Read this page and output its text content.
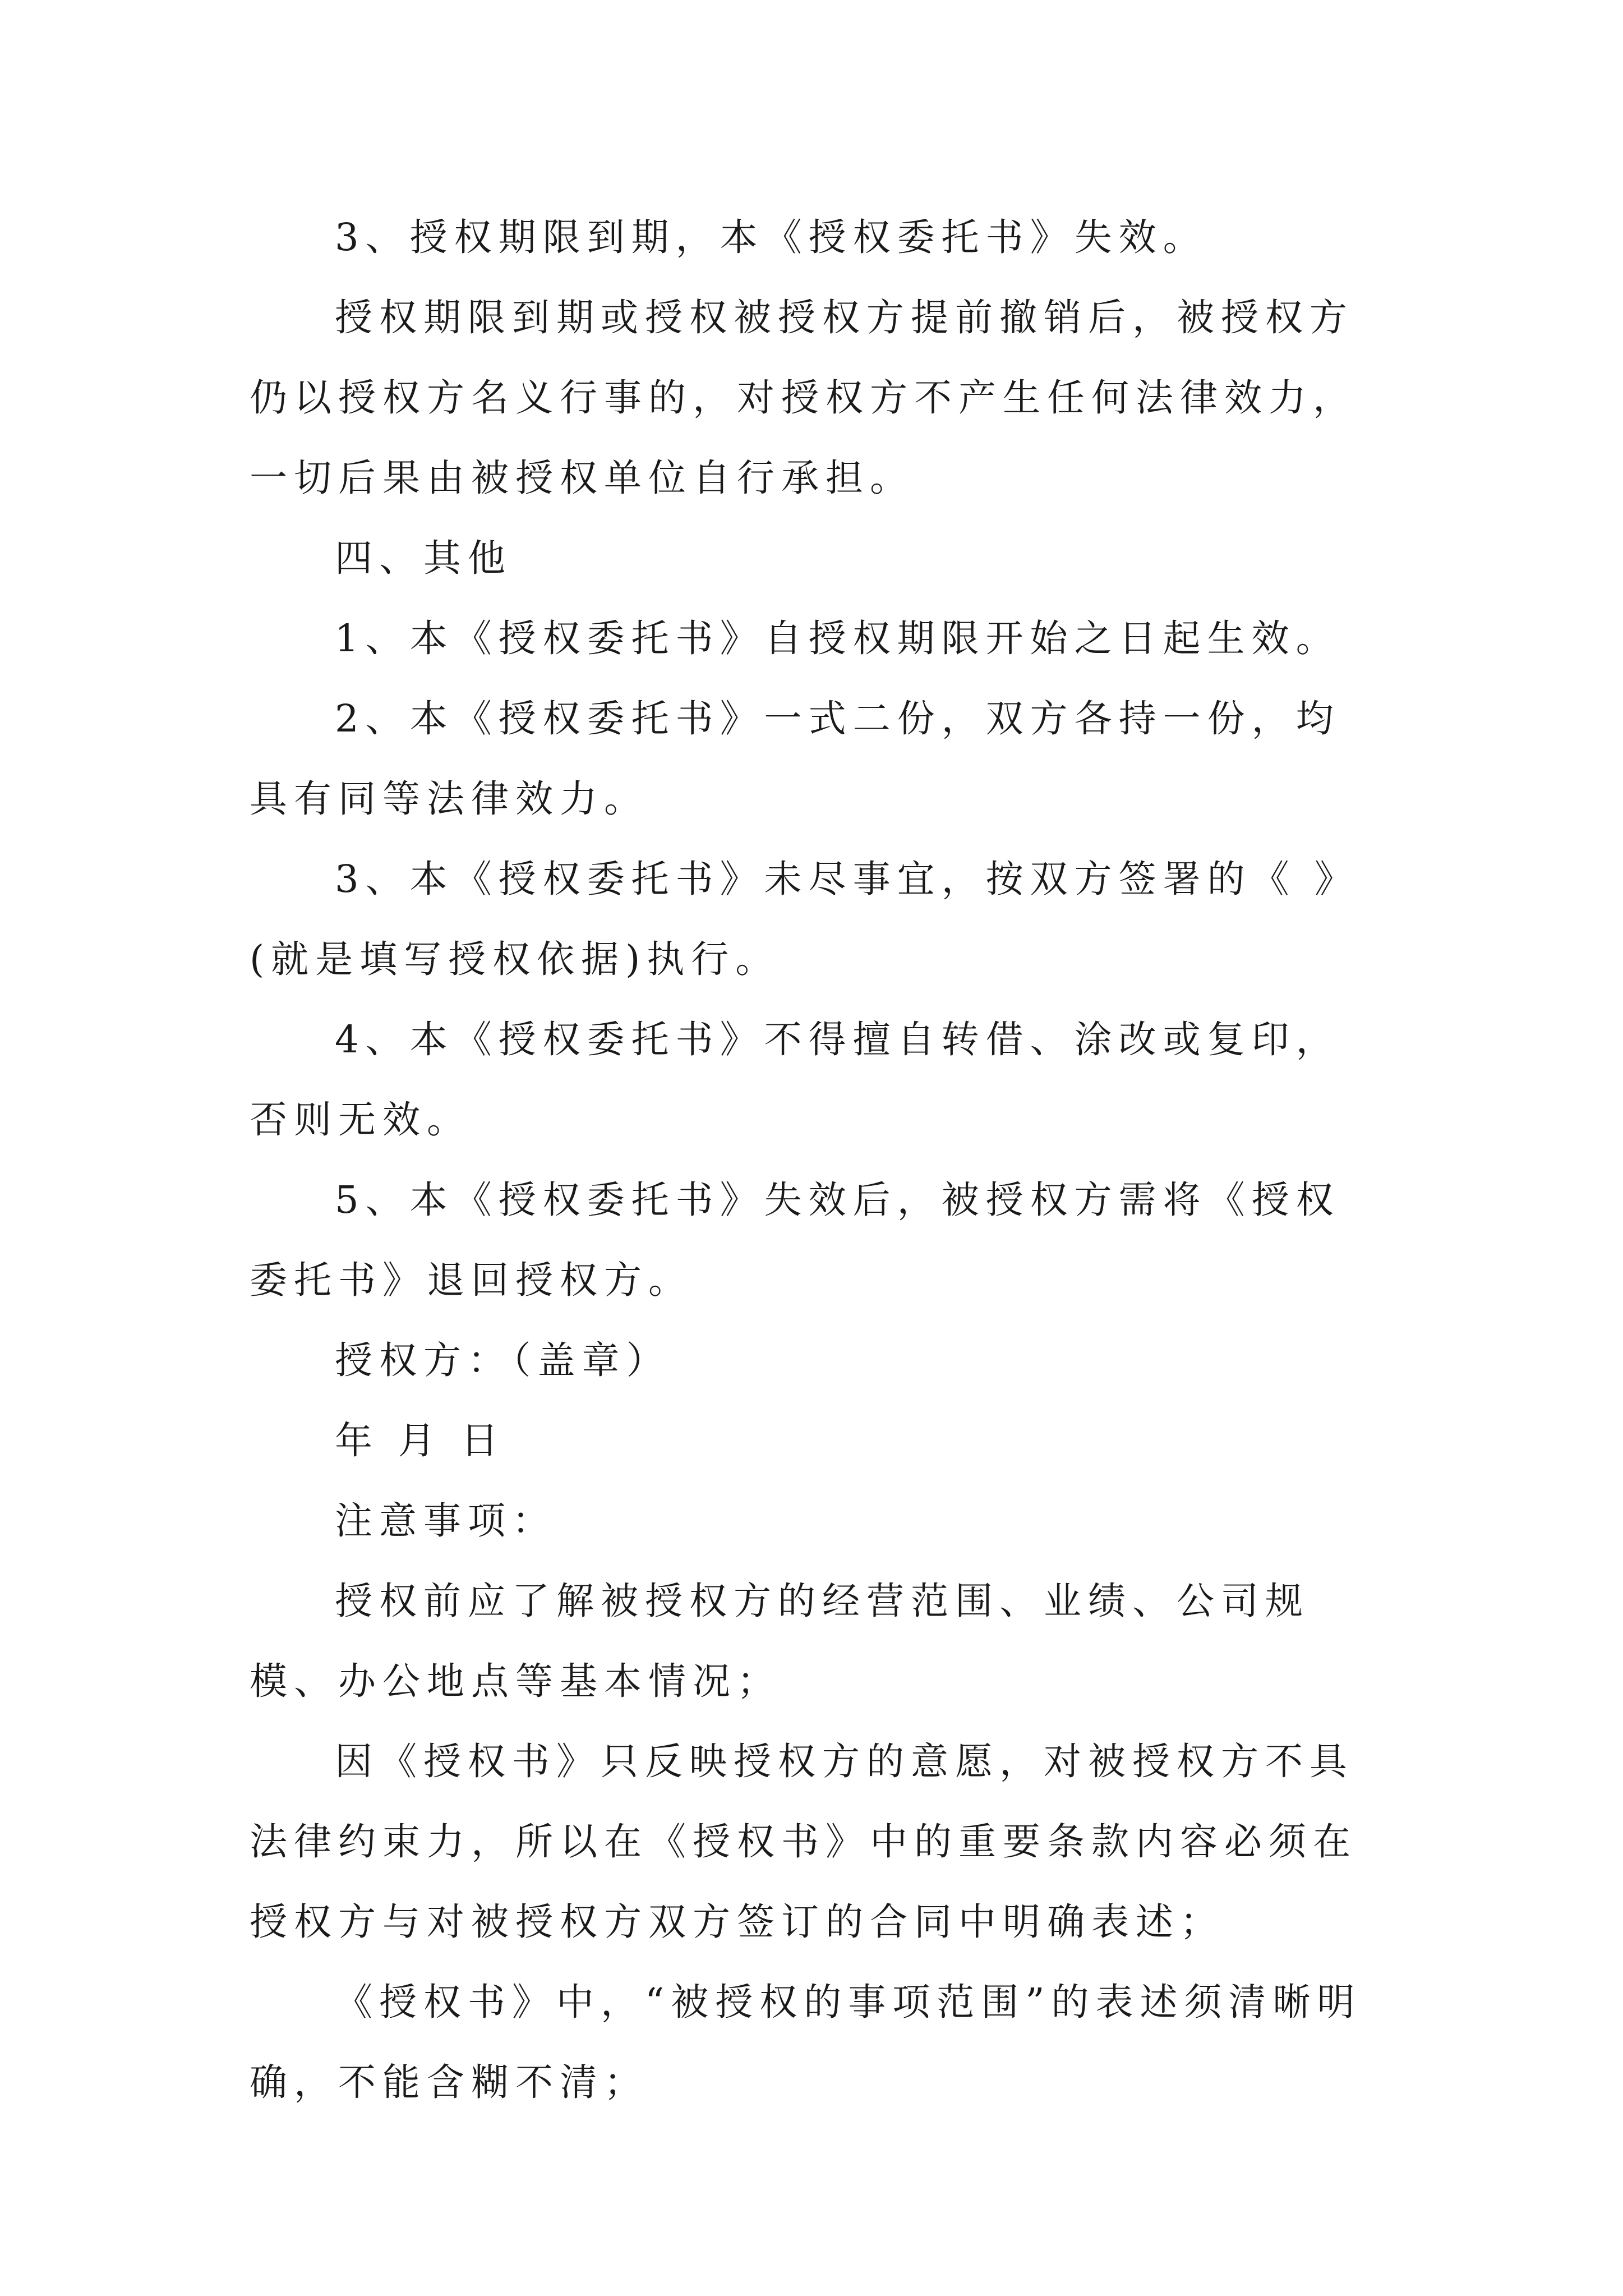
3、授权期限到期，本《授权委托书》失效。

授权期限到期或授权被授权方提前撤销后，被授权方仍以授权方名义行事的，对授权方不产生任何法律效力，一切后果由被授权单位自行承担。

四、其他

1、本《授权委托书》自授权期限开始之日起生效。

2、本《授权委托书》一式二份，双方各持一份，均具有同等法律效力。

3、本《授权委托书》未尽事宜，按双方签署的《 》(就是填写授权依据)执行。

4、本《授权委托书》不得擅自转借、涂改或复印，否则无效。

5、本《授权委托书》失效后，被授权方需将《授权委托书》退回授权方。

授权方：（盖章）

年 月 日

注意事项：

授权前应了解被授权方的经营范围、业绩、公司规模、办公地点等基本情况；

因《授权书》只反映授权方的意愿，对被授权方不具法律约束力，所以在《授权书》中的重要条款内容必须在授权方与对被授权方双方签订的合同中明确表述；

《授权书》中，“被授权的事项范围”的表述须清晰明确，不能含糊不清；
